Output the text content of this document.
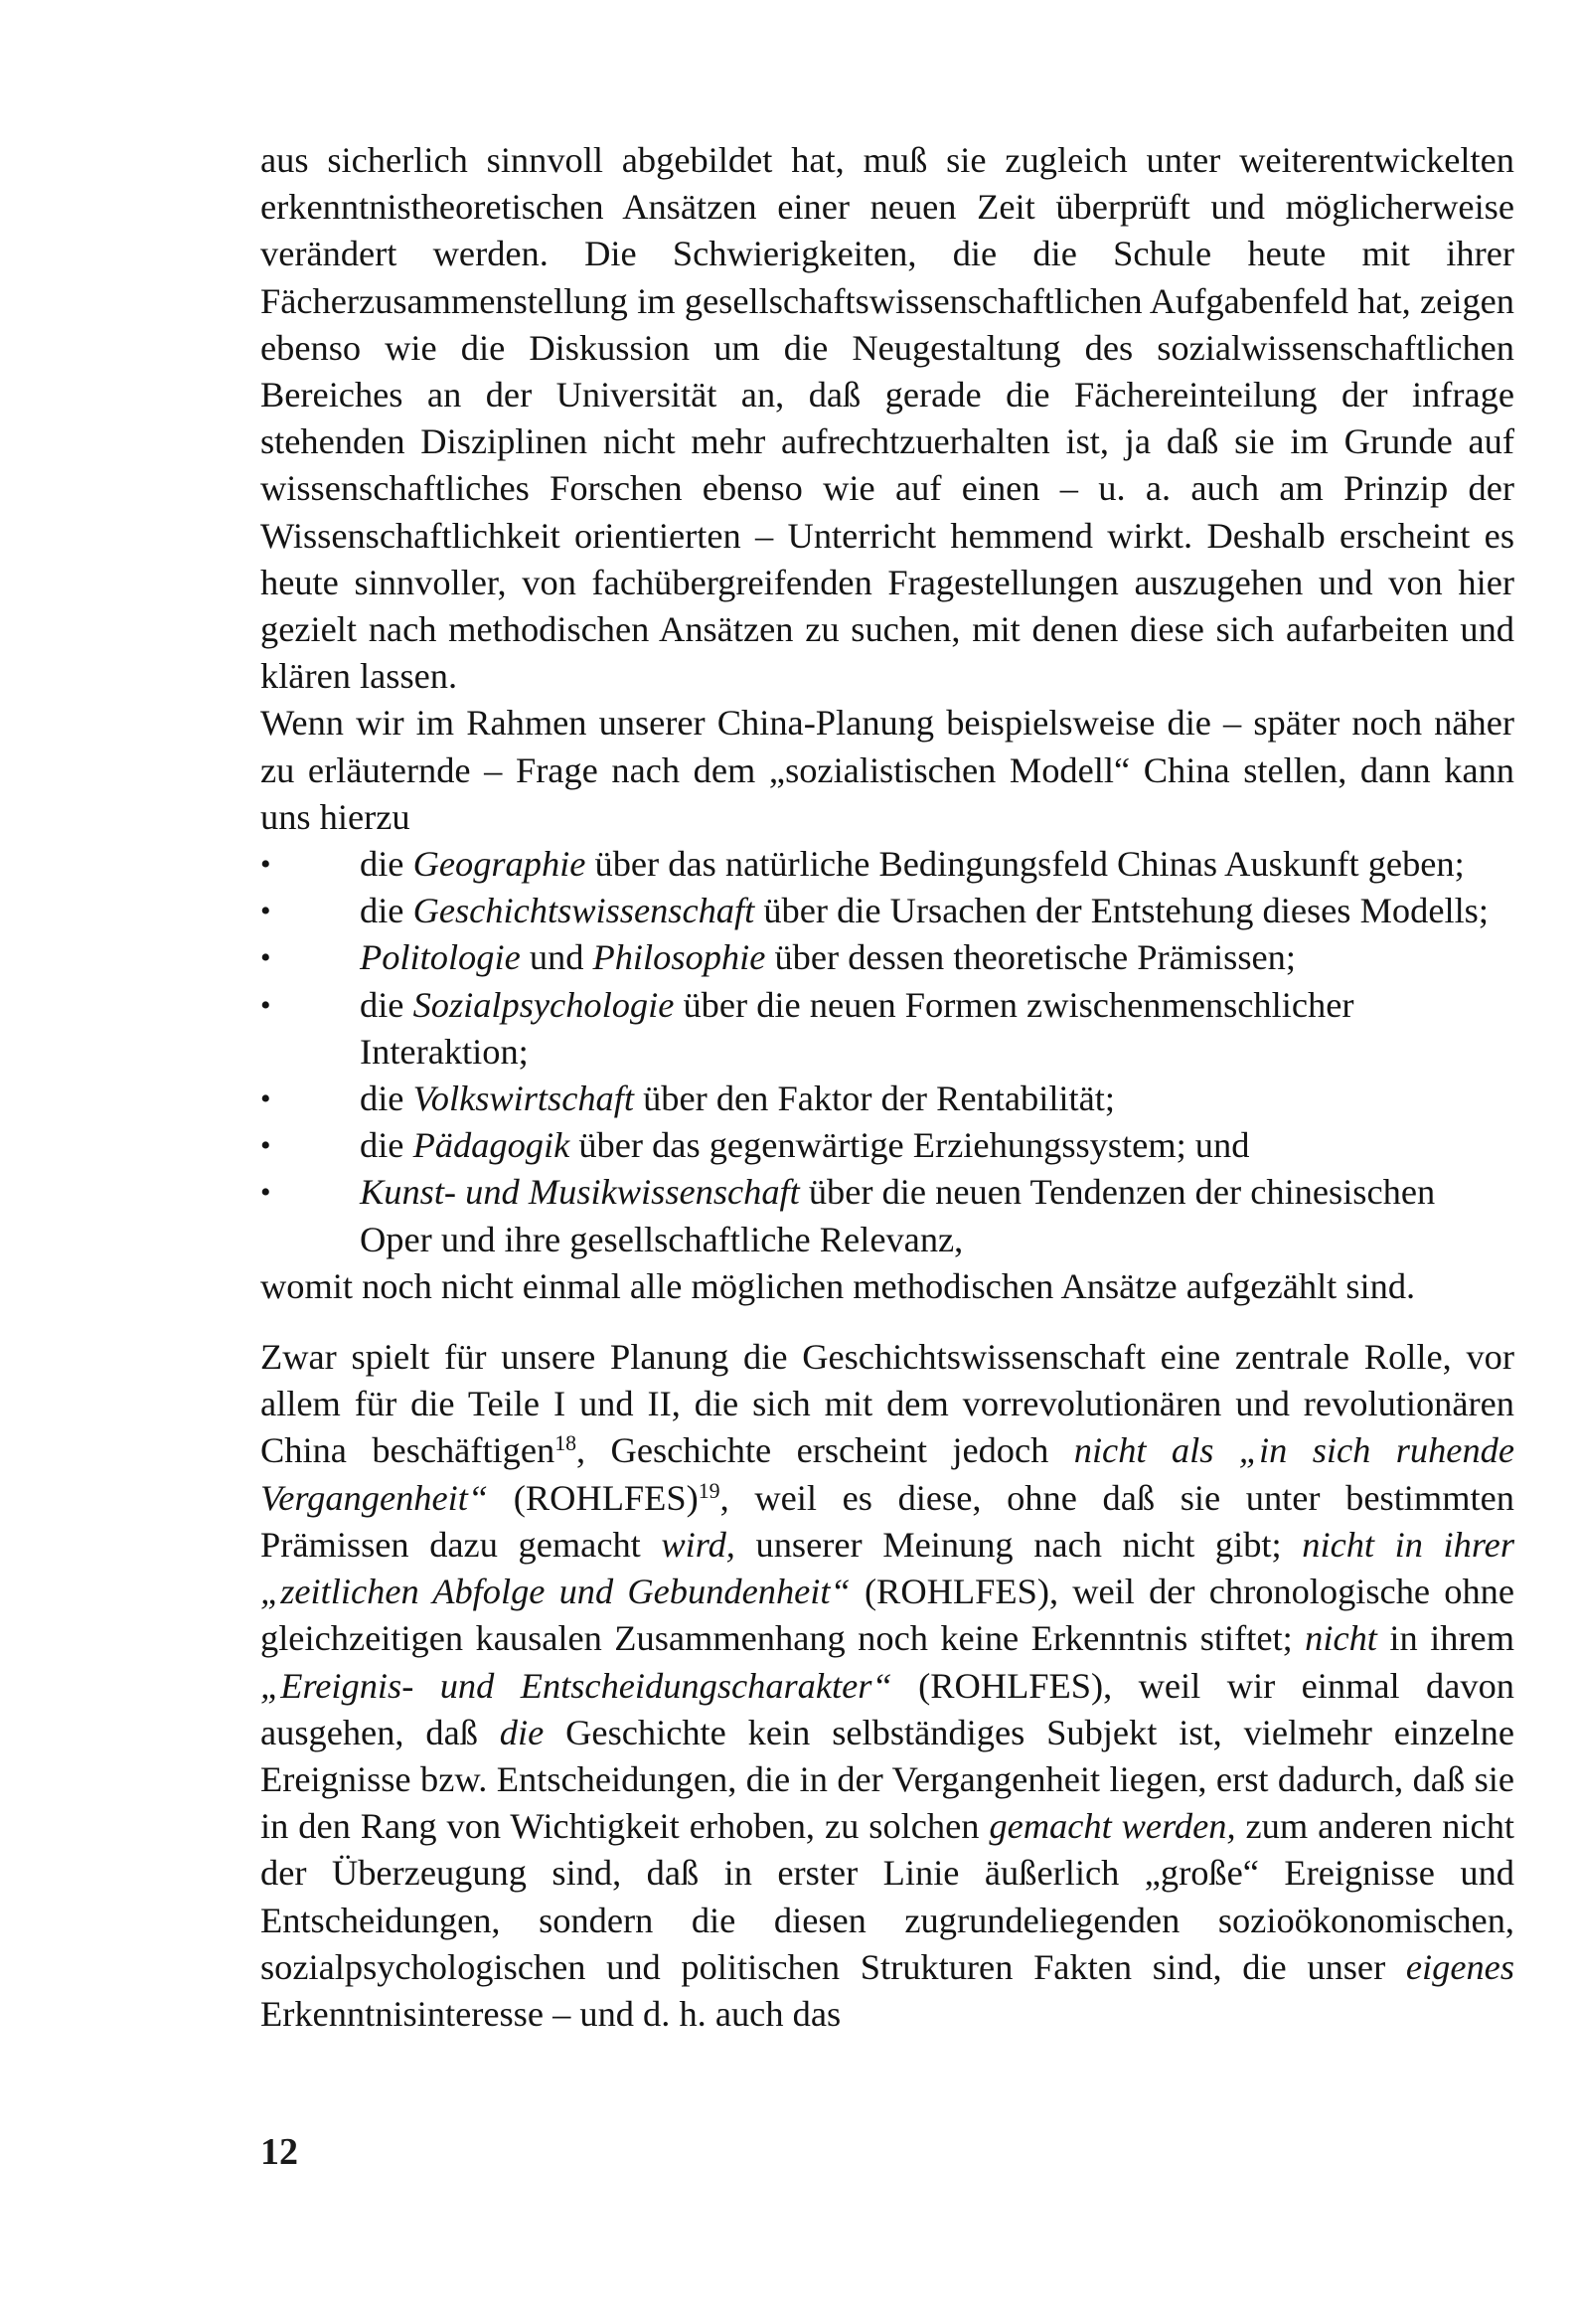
aus sicherlich sinnvoll abgebildet hat, muß sie zugleich unter weiterentwickelten erkenntnistheoretischen Ansätzen einer neuen Zeit überprüft und möglicherweise verändert werden. Die Schwierigkeiten, die die Schule heute mit ihrer Fächerzusammenstellung im gesellschaftswissenschaftlichen Aufgabenfeld hat, zeigen ebenso wie die Diskussion um die Neugestaltung des sozialwissenschaftlichen Bereiches an der Universität an, daß gerade die Fächereinteilung der infrage stehenden Disziplinen nicht mehr aufrechtzuerhalten ist, ja daß sie im Grunde auf wissenschaftliches Forschen ebenso wie auf einen – u. a. auch am Prinzip der Wissenschaftlichkeit orientierten – Unterricht hemmend wirkt. Deshalb erscheint es heute sinnvoller, von fachübergreifenden Fragestellungen auszugehen und von hier gezielt nach methodischen Ansätzen zu suchen, mit denen diese sich aufarbeiten und klären lassen.

Wenn wir im Rahmen unserer China-Planung beispielsweise die – später noch näher zu erläuternde – Frage nach dem „sozialistischen Modell“ China stellen, dann kann uns hierzu

•	die Geographie über das natürliche Bedingungsfeld Chinas Auskunft geben;
•	die Geschichtswissenschaft über die Ursachen der Entstehung dieses Modells;
•	Politologie und Philosophie über dessen theoretische Prämissen;
•	die Sozialpsychologie über die neuen Formen zwischenmenschlicher Interaktion;
•	die Volkswirtschaft über den Faktor der Rentabilität;
•	die Pädagogik über das gegenwärtige Erziehungssystem; und
•	Kunst- und Musikwissenschaft über die neuen Tendenzen der chinesischen Oper und ihre gesellschaftliche Relevanz,

womit noch nicht einmal alle möglichen methodischen Ansätze aufgezählt sind.

Zwar spielt für unsere Planung die Geschichtswissenschaft eine zentrale Rolle, vor allem für die Teile I und II, die sich mit dem vorrevolutionären und revolutionären China beschäftigen$^{18}$, Geschichte erscheint jedoch nicht als „in sich ruhende Vergangenheit“ (ROHLFES)$^{19}$, weil es diese, ohne daß sie unter bestimmten Prämissen dazu gemacht wird, unserer Meinung nach nicht gibt; nicht in ihrer „zeitlichen Abfolge und Gebundenheit“ (ROHLFES), weil der chronologische ohne gleichzeitigen kausalen Zusammenhang noch keine Erkenntnis stiftet; nicht in ihrem „Ereignis- und Entscheidungscharakter“ (ROHLFES), weil wir einmal davon ausgehen, daß die Geschichte kein selbständiges Subjekt ist, vielmehr einzelne Ereignisse bzw. Entscheidungen, die in der Vergangenheit liegen, erst dadurch, daß sie in den Rang von Wichtigkeit erhoben, zu solchen gemacht werden, zum anderen nicht der Überzeugung sind, daß in erster Linie äußerlich „große“ Ereignisse und Entscheidungen, sondern die diesen zugrundeliegenden sozioökonomischen, sozialpsychologischen und politischen Strukturen Fakten sind, die unser eigenes Erkenntnisinteresse – und d. h. auch das

12
